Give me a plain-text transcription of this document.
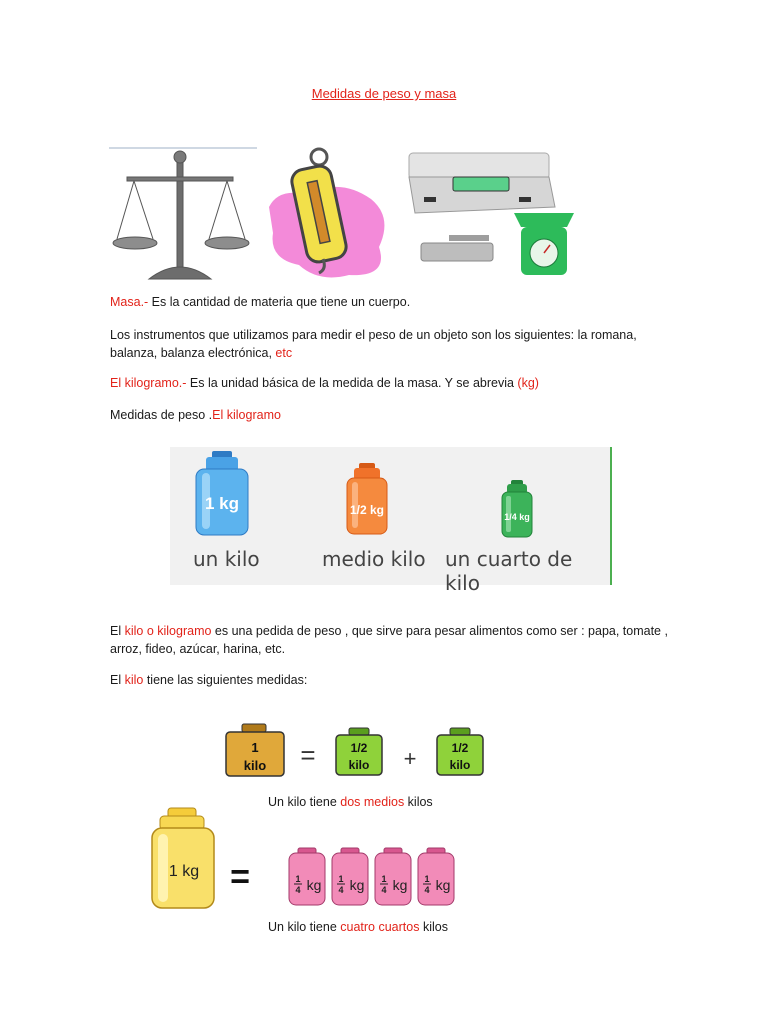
Medidas de peso y masa
Masa.- Es la cantidad de materia que tiene un cuerpo.
Los instrumentos que utilizamos para medir el peso de un objeto son los siguientes: la romana, balanza, balanza electrónica, etc
El kilogramo.- Es la unidad básica de la medida de la masa. Y se abrevia (kg)
Medidas de peso .El kilogramo
1 kg
un kilo
1/2 kg
medio kilo
1/4 kg
un cuarto de kilo
El kilo o kilogramo es una pedida de peso , que sirve para pesar alimentos como ser : papa, tomate , arroz, fideo, azúcar, harina, etc.
El kilo tiene las siguientes medidas:
1
kilo =	1/2
kilo +	1/2
kilo
Un kilo tiene dos medios kilos
1 kg =	1
4 kg 1
4 kg 1
4 kg 1
4 kg
Un kilo tiene cuatro cuartos kilos
